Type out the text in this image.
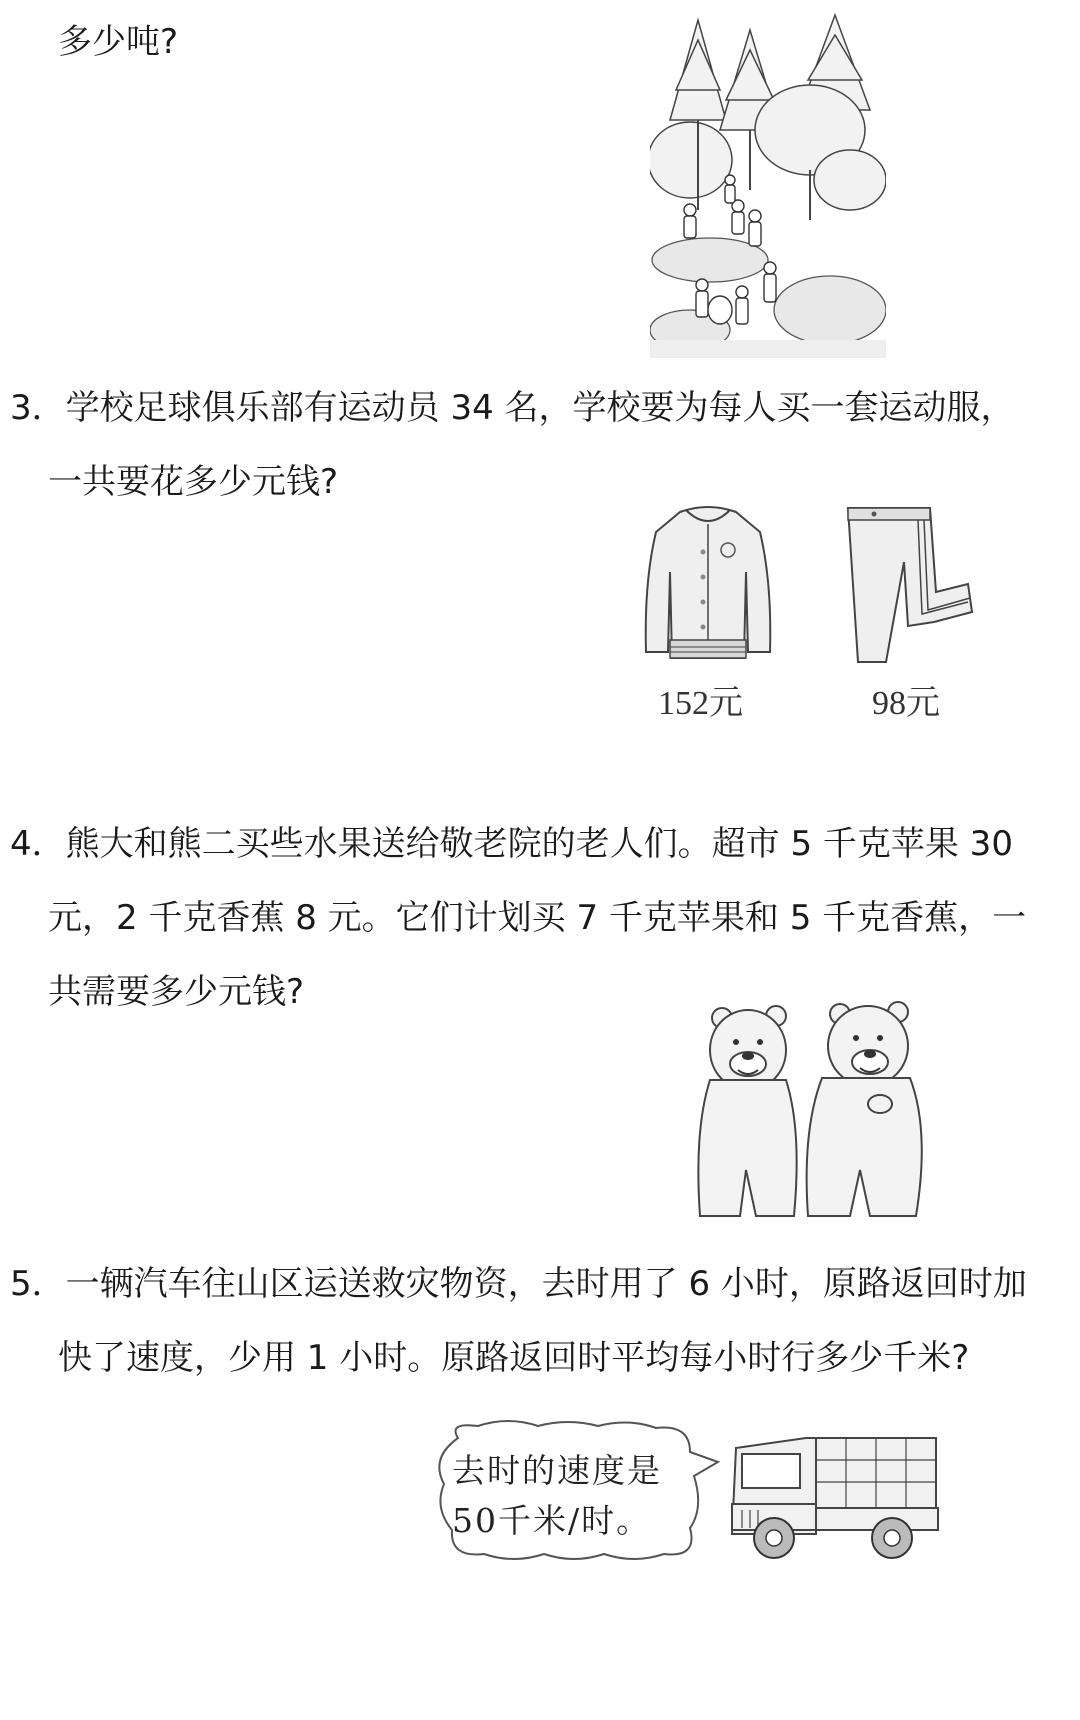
多少吨?
3．学校足球俱乐部有运动员 34 名，学校要为每人买一套运动服，
一共要花多少元钱?
152元	98元
4．熊大和熊二买些水果送给敬老院的老人们。超市 5 千克苹果 30
元，2 千克香蕉 8 元。它们计划买 7 千克苹果和 5 千克香蕉，一
共需要多少元钱?
5．一辆汽车往山区运送救灾物资，去时用了 6 小时，原路返回时加
快了速度，少用 1 小时。原路返回时平均每小时行多少千米?
去时的速度是
50千米/时。
